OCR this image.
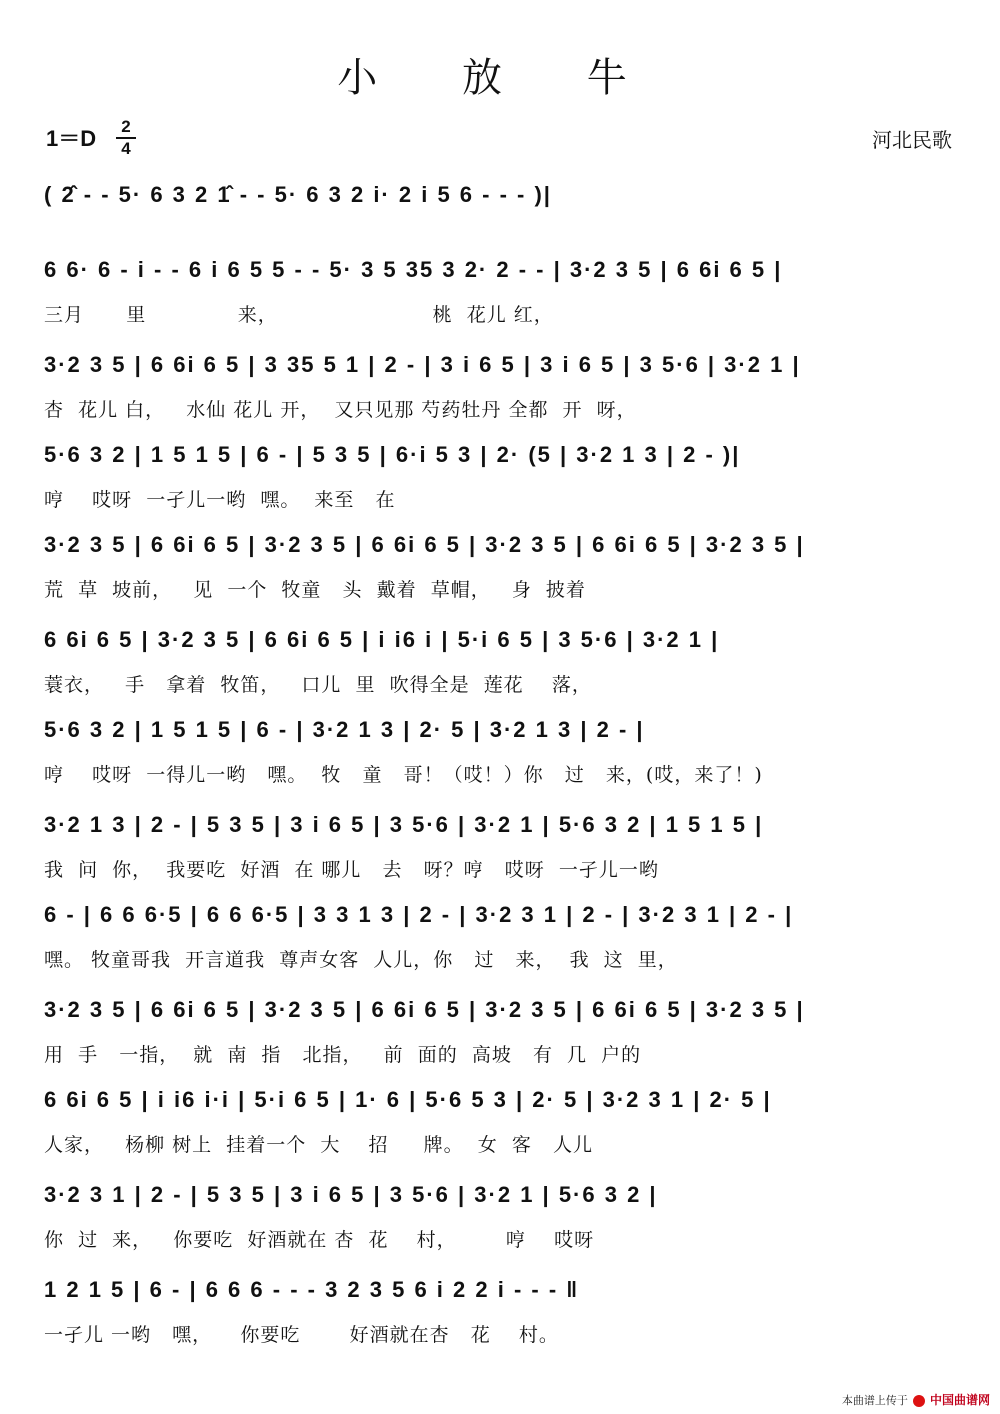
小 放 牛
1＝D	2
4	河北民歌
( 2̂ - - 5· 6 3 2 1̂ - - 5· 6 3 2 i· 2 i 5 6 - - - )|
6 6· 6 - i - - 6 i 6 5 5 - - 5· 3 5 35 3 2· 2 - - | 3·2 3 5 | 6 6i 6 5 |
三月      里             来，                      桃  花儿 红，
3·2 3 5 | 6 6i 6 5 | 3 35 5 1 | 2 - | 3 i 6 5 | 3 i 6 5 | 3 5·6 | 3·2 1 |
杏  花儿 白，   水仙 花儿 开，  又只见那 芍药牡丹 全都  开  呀，
5·6 3 2 | 1 5 1 5 | 6 - | 5 3 5 | 6·i 5 3 | 2· (5 | 3·2 1 3 | 2 - )|
哼    哎呀  一孑儿一哟  嘿。  来至   在
3·2 3 5 | 6 6i 6 5 | 3·2 3 5 | 6 6i 6 5 | 3·2 3 5 | 6 6i 6 5 | 3·2 3 5 |
荒  草  坡前，   见  一个  牧童   头  戴着  草帽，   身  披着
6 6i 6 5 | 3·2 3 5 | 6 6i 6 5 | i i6 i | 5·i 6 5 | 3 5·6 | 3·2 1 |
蓑衣，   手   拿着  牧笛，   口儿  里  吹得全是  莲花    落，
5·6 3 2 | 1 5 1 5 | 6 - | 3·2 1 3 | 2· 5 | 3·2 1 3 | 2 - |
哼    哎呀  一得儿一哟   嘿。  牧   童   哥！（哎！）你   过   来，(哎，来了！)
3·2 1 3 | 2 - | 5 3 5 | 3 i 6 5 | 3 5·6 | 3·2 1 | 5·6 3 2 | 1 5 1 5 |
我  问  你，  我要吃  好酒  在 哪儿   去   呀？哼   哎呀  一孑儿一哟
6 - | 6 6 6·5 | 6 6 6·5 | 3 3 1 3 | 2 - | 3·2 3 1 | 2 - | 3·2 3 1 | 2 - |
嘿。 牧童哥我  开言道我  尊声女客  人儿，你   过   来，  我  这  里，
3·2 3 5 | 6 6i 6 5 | 3·2 3 5 | 6 6i 6 5 | 3·2 3 5 | 6 6i 6 5 | 3·2 3 5 |
用  手   一指，  就  南  指   北指，   前  面的  高坡   有  几  户的
6 6i 6 5 | i i6 i·i | 5·i 6 5 | 1· 6 | 5·6 5 3 | 2· 5 | 3·2 3 1 | 2· 5 |
人家，   杨柳 树上  挂着一个  大    招     牌。  女  客   人儿
3·2 3 1 | 2 - | 5 3 5 | 3 i 6 5 | 3 5·6 | 3·2 1 | 5·6 3 2 |
你  过  来，   你要吃  好酒就在 杏  花    村，       哼    哎呀
1 2 1 5 | 6 - | 6 6 6 - - - 3 2 3 5 6 i 2 2 i - - - ‖
一孑儿 一哟   嘿，    你要吃       好酒就在杏   花    村。
本曲谱上传于 中国曲谱网
